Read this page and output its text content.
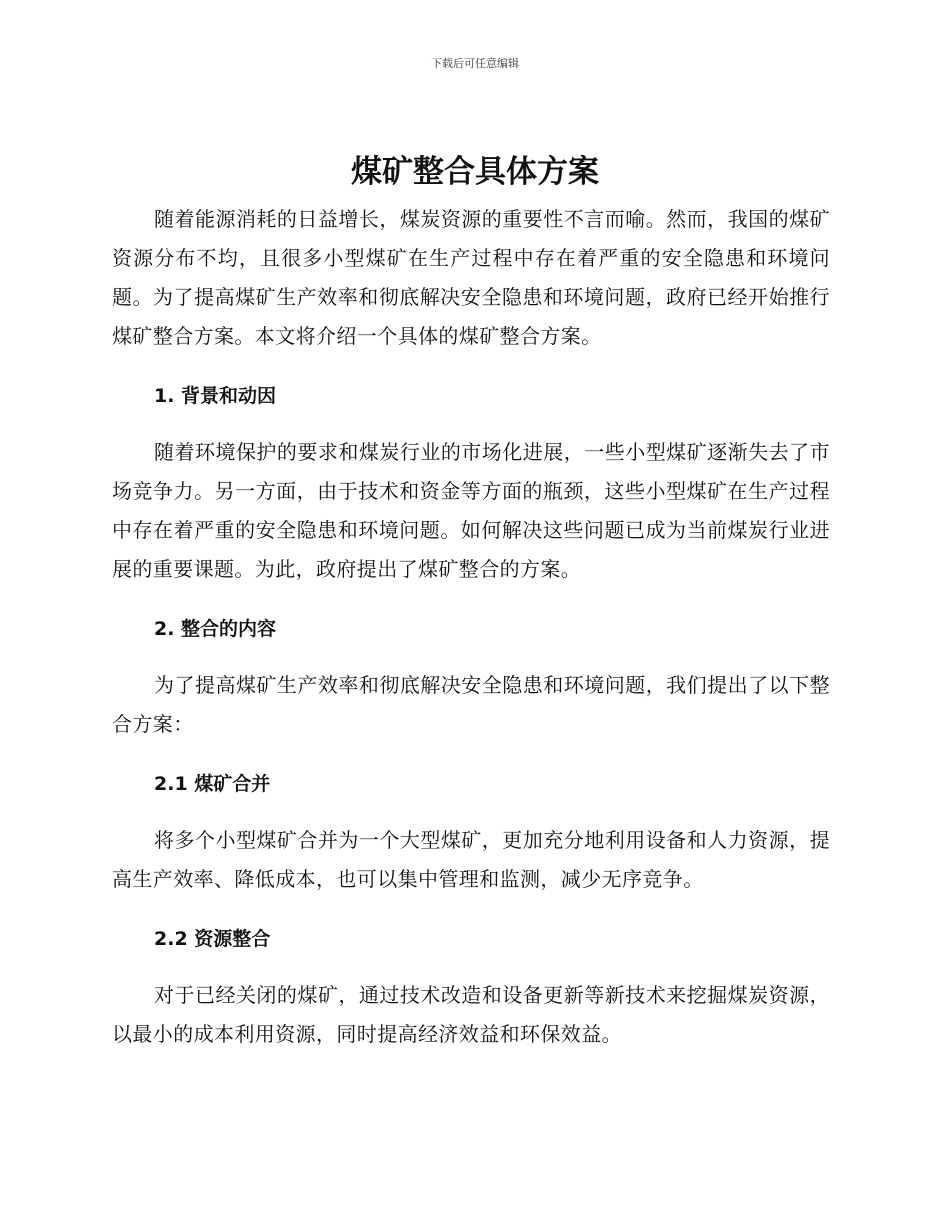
下载后可任意编辑
煤矿整合具体方案

随着能源消耗的日益增长，煤炭资源的重要性不言而喻。然而，我国的煤矿资源分布不均，且很多小型煤矿在生产过程中存在着严重的安全隐患和环境问题。为了提高煤矿生产效率和彻底解决安全隐患和环境问题，政府已经开始推行煤矿整合方案。本文将介绍一个具体的煤矿整合方案。

1. 背景和动因

随着环境保护的要求和煤炭行业的市场化进展，一些小型煤矿逐渐失去了市场竞争力。另一方面，由于技术和资金等方面的瓶颈，这些小型煤矿在生产过程中存在着严重的安全隐患和环境问题。如何解决这些问题已成为当前煤炭行业进展的重要课题。为此，政府提出了煤矿整合的方案。

2. 整合的内容

为了提高煤矿生产效率和彻底解决安全隐患和环境问题，我们提出了以下整合方案：

2.1 煤矿合并

将多个小型煤矿合并为一个大型煤矿，更加充分地利用设备和人力资源，提高生产效率、降低成本，也可以集中管理和监测，减少无序竞争。

2.2 资源整合

对于已经关闭的煤矿，通过技术改造和设备更新等新技术来挖掘煤炭资源，以最小的成本利用资源，同时提高经济效益和环保效益。
